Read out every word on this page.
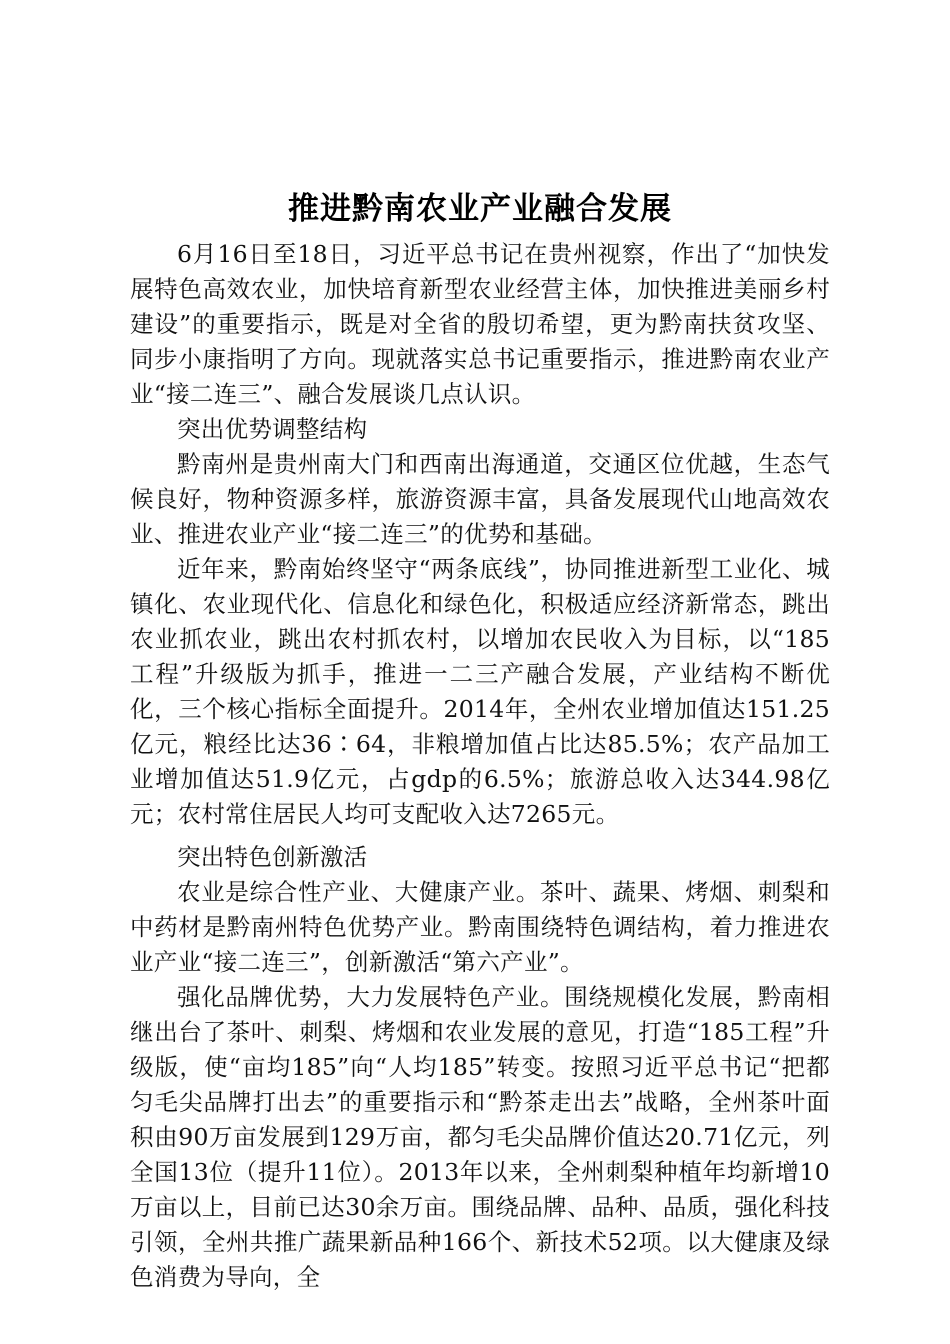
推进黔南农业产业融合发展

6月16日至18日，习近平总书记在贵州视察，作出了“加快发展特色高效农业，加快培育新型农业经营主体，加快推进美丽乡村建设”的重要指示，既是对全省的殷切希望，更为黔南扶贫攻坚、同步小康指明了方向。现就落实总书记重要指示，推进黔南农业产业“接二连三”、融合发展谈几点认识。

突出优势调整结构

黔南州是贵州南大门和西南出海通道，交通区位优越，生态气候良好，物种资源多样，旅游资源丰富，具备发展现代山地高效农业、推进农业产业“接二连三”的优势和基础。

近年来，黔南始终坚守“两条底线”，协同推进新型工业化、城镇化、农业现代化、信息化和绿色化，积极适应经济新常态，跳出农业抓农业，跳出农村抓农村，以增加农民收入为目标，以“185工程”升级版为抓手，推进一二三产融合发展，产业结构不断优化，三个核心指标全面提升。2014年，全州农业增加值达151.25亿元，粮经比达36∶64，非粮增加值占比达85.5%；农产品加工业增加值达51.9亿元，占gdp的6.5%；旅游总收入达344.98亿元；农村常住居民人均可支配收入达7265元。

突出特色创新激活

农业是综合性产业、大健康产业。茶叶、蔬果、烤烟、刺梨和中药材是黔南州特色优势产业。黔南围绕特色调结构，着力推进农业产业“接二连三”，创新激活“第六产业”。

强化品牌优势，大力发展特色产业。围绕规模化发展，黔南相继出台了茶叶、刺梨、烤烟和农业发展的意见，打造“185工程”升级版，使“亩均185”向“人均185”转变。按照习近平总书记“把都匀毛尖品牌打出去”的重要指示和“黔茶走出去”战略，全州茶叶面积由90万亩发展到129万亩，都匀毛尖品牌价值达20.71亿元，列全国13位（提升11位）。2013年以来，全州刺梨种植年均新增10万亩以上，目前已达30余万亩。围绕品牌、品种、品质，强化科技引领，全州共推广蔬果新品种166个、新技术52项。以大健康及绿色消费为导向，全
